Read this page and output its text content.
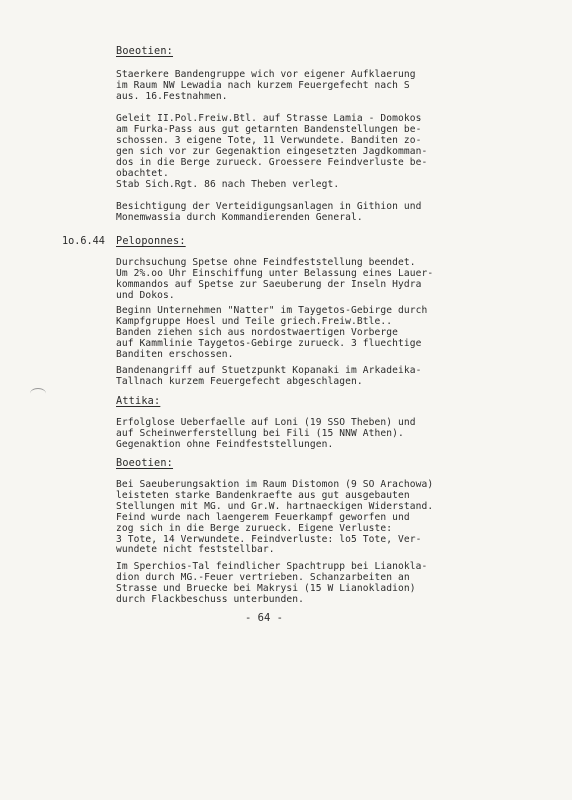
Boeotien:
Staerkere Bandengruppe wich vor eigener Aufklaerung
im Raum NW Lewadia nach kurzem Feuergefecht nach S
aus. 16.Festnahmen.
Geleit II.Pol.Freiw.Btl. auf Strasse Lamia - Domokos
am Furka-Pass aus gut getarnten Bandenstellungen be-
schossen. 3 eigene Tote, 11 Verwundete. Banditen zo-
gen sich vor zur Gegenaktion eingesetzten Jagdkomman-
dos in die Berge zurueck. Groessere Feindverluste be-
obachtet.
Stab Sich.Rgt. 86 nach Theben verlegt.
Besichtigung der Verteidigungsanlagen in Githion und
Monemwassia durch Kommandierenden General.
1o.6.44 Peloponnes:
Durchsuchung Spetse ohne Feindfeststellung beendet.
Um 2%.oo Uhr Einschiffung unter Belassung eines Lauer-
kommandos auf Spetse zur Saeuberung der Inseln Hydra
und Dokos.
Beginn Unternehmen "Natter" im Taygetos-Gebirge durch
Kampfgruppe Hoesl und Teile griech.Freiw.Btle..
Banden ziehen sich aus nordostwaertigen Vorberge
auf Kammlinie Taygetos-Gebirge zurueck. 3 fluechtige
Banditen erschossen.
Bandenangriff auf Stuetzpunkt Kopanaki im Arkadeika-
Tallnach kurzem Feuergefecht abgeschlagen.
Attika:
Erfolglose Ueberfaelle auf Loni (19 SSO Theben) und
auf Scheinwerferstellung bei Fili (15 NNW Athen).
Gegenaktion ohne Feindfeststellungen.
Boeotien:
Bei Saeuberungsaktion im Raum Distomon (9 SO Arachowa)
leisteten starke Bandenkraefte aus gut ausgebauten
Stellungen mit MG. und Gr.W. hartnaeckigen Widerstand.
Feind wurde nach laengerem Feuerkampf geworfen und
zog sich in die Berge zurueck. Eigene Verluste:
3 Tote, 14 Verwundete. Feindverluste: lo5 Tote, Ver-
wundete nicht feststellbar.
Im Sperchios-Tal feindlicher Spachtrupp bei Lianokla-
dion durch MG.-Feuer vertrieben. Schanzarbeiten an
Strasse und Bruecke bei Makrysi (15 W Lianokladion)
durch Flackbeschuss unterbunden.
- 64 -
